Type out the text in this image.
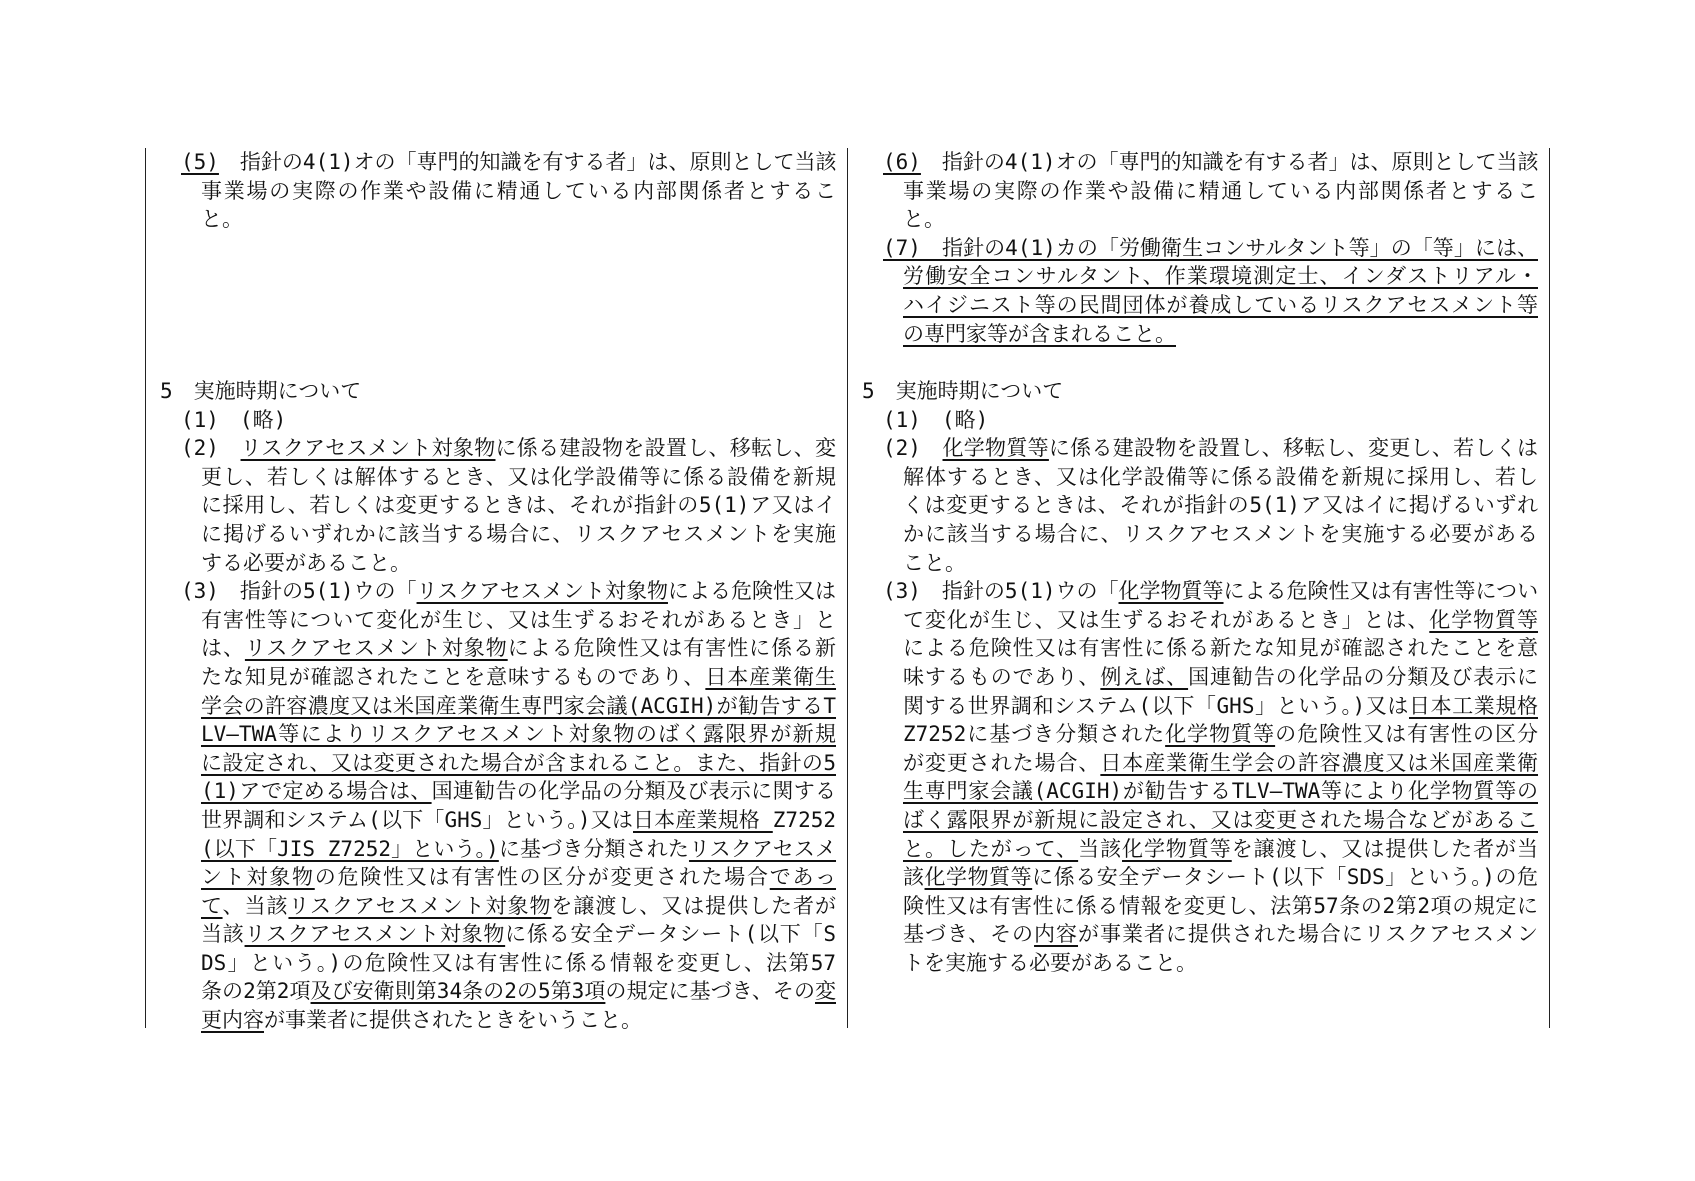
(5)　指針の4(1)オの「専門的知識を有する者」は、原則として当該
事業場の実際の作業や設備に精通している内部関係者とするこ
と。
5　実施時期について
(1)　(略)
(2)　リスクアセスメント対象物に係る建設物を設置し、移転し、変
更し、若しくは解体するとき、又は化学設備等に係る設備を新規
に採用し、若しくは変更するときは、それが指針の5(1)ア又はイ
に掲げるいずれかに該当する場合に、リスクアセスメントを実施
する必要があること。
(3)　指針の5(1)ウの「リスクアセスメント対象物による危険性又は
有害性等について変化が生じ、又は生ずるおそれがあるとき」と
は、リスクアセスメント対象物による危険性又は有害性に係る新
たな知見が確認されたことを意味するものであり、日本産業衛生
学会の許容濃度又は米国産業衛生専門家会議(ACGIH)が勧告するT
LV—TWA等によりリスクアセスメント対象物のばく露限界が新規
に設定され、又は変更された場合が含まれること。また、指針の5
(1)アで定める場合は、国連勧告の化学品の分類及び表示に関する
世界調和システム(以下「GHS」という。)又は日本産業規格 Z7252
(以下「JIS Z7252」という。)に基づき分類されたリスクアセスメ
ント対象物の危険性又は有害性の区分が変更された場合であっ
て、当該リスクアセスメント対象物を譲渡し、又は提供した者が
当該リスクアセスメント対象物に係る安全データシート(以下「S
DS」という。)の危険性又は有害性に係る情報を変更し、法第57
条の2第2項及び安衛則第34条の2の5第3項の規定に基づき、その変
更内容が事業者に提供されたときをいうこと。
(6)　指針の4(1)オの「専門的知識を有する者」は、原則として当該
事業場の実際の作業や設備に精通している内部関係者とするこ
と。
(7)　指針の4(1)カの「労働衛生コンサルタント等」の「等」には、
労働安全コンサルタント、作業環境測定士、インダストリアル・
ハイジニスト等の民間団体が養成しているリスクアセスメント等
の専門家等が含まれること。
5　実施時期について
(1)　(略)
(2)　化学物質等に係る建設物を設置し、移転し、変更し、若しくは
解体するとき、又は化学設備等に係る設備を新規に採用し、若し
くは変更するときは、それが指針の5(1)ア又はイに掲げるいずれ
かに該当する場合に、リスクアセスメントを実施する必要がある
こと。
(3)　指針の5(1)ウの「化学物質等による危険性又は有害性等につい
て変化が生じ、又は生ずるおそれがあるとき」とは、化学物質等
による危険性又は有害性に係る新たな知見が確認されたことを意
味するものであり、例えば、国連勧告の化学品の分類及び表示に
関する世界調和システム(以下「GHS」という。)又は日本工業規格
Z7252に基づき分類された化学物質等の危険性又は有害性の区分
が変更された場合、日本産業衛生学会の許容濃度又は米国産業衛
生専門家会議(ACGIH)が勧告するTLV—TWA等により化学物質等の
ばく露限界が新規に設定され、又は変更された場合などがあるこ
と。したがって、当該化学物質等を譲渡し、又は提供した者が当
該化学物質等に係る安全データシート(以下「SDS」という。)の危
険性又は有害性に係る情報を変更し、法第57条の2第2項の規定に
基づき、その内容が事業者に提供された場合にリスクアセスメン
トを実施する必要があること。
